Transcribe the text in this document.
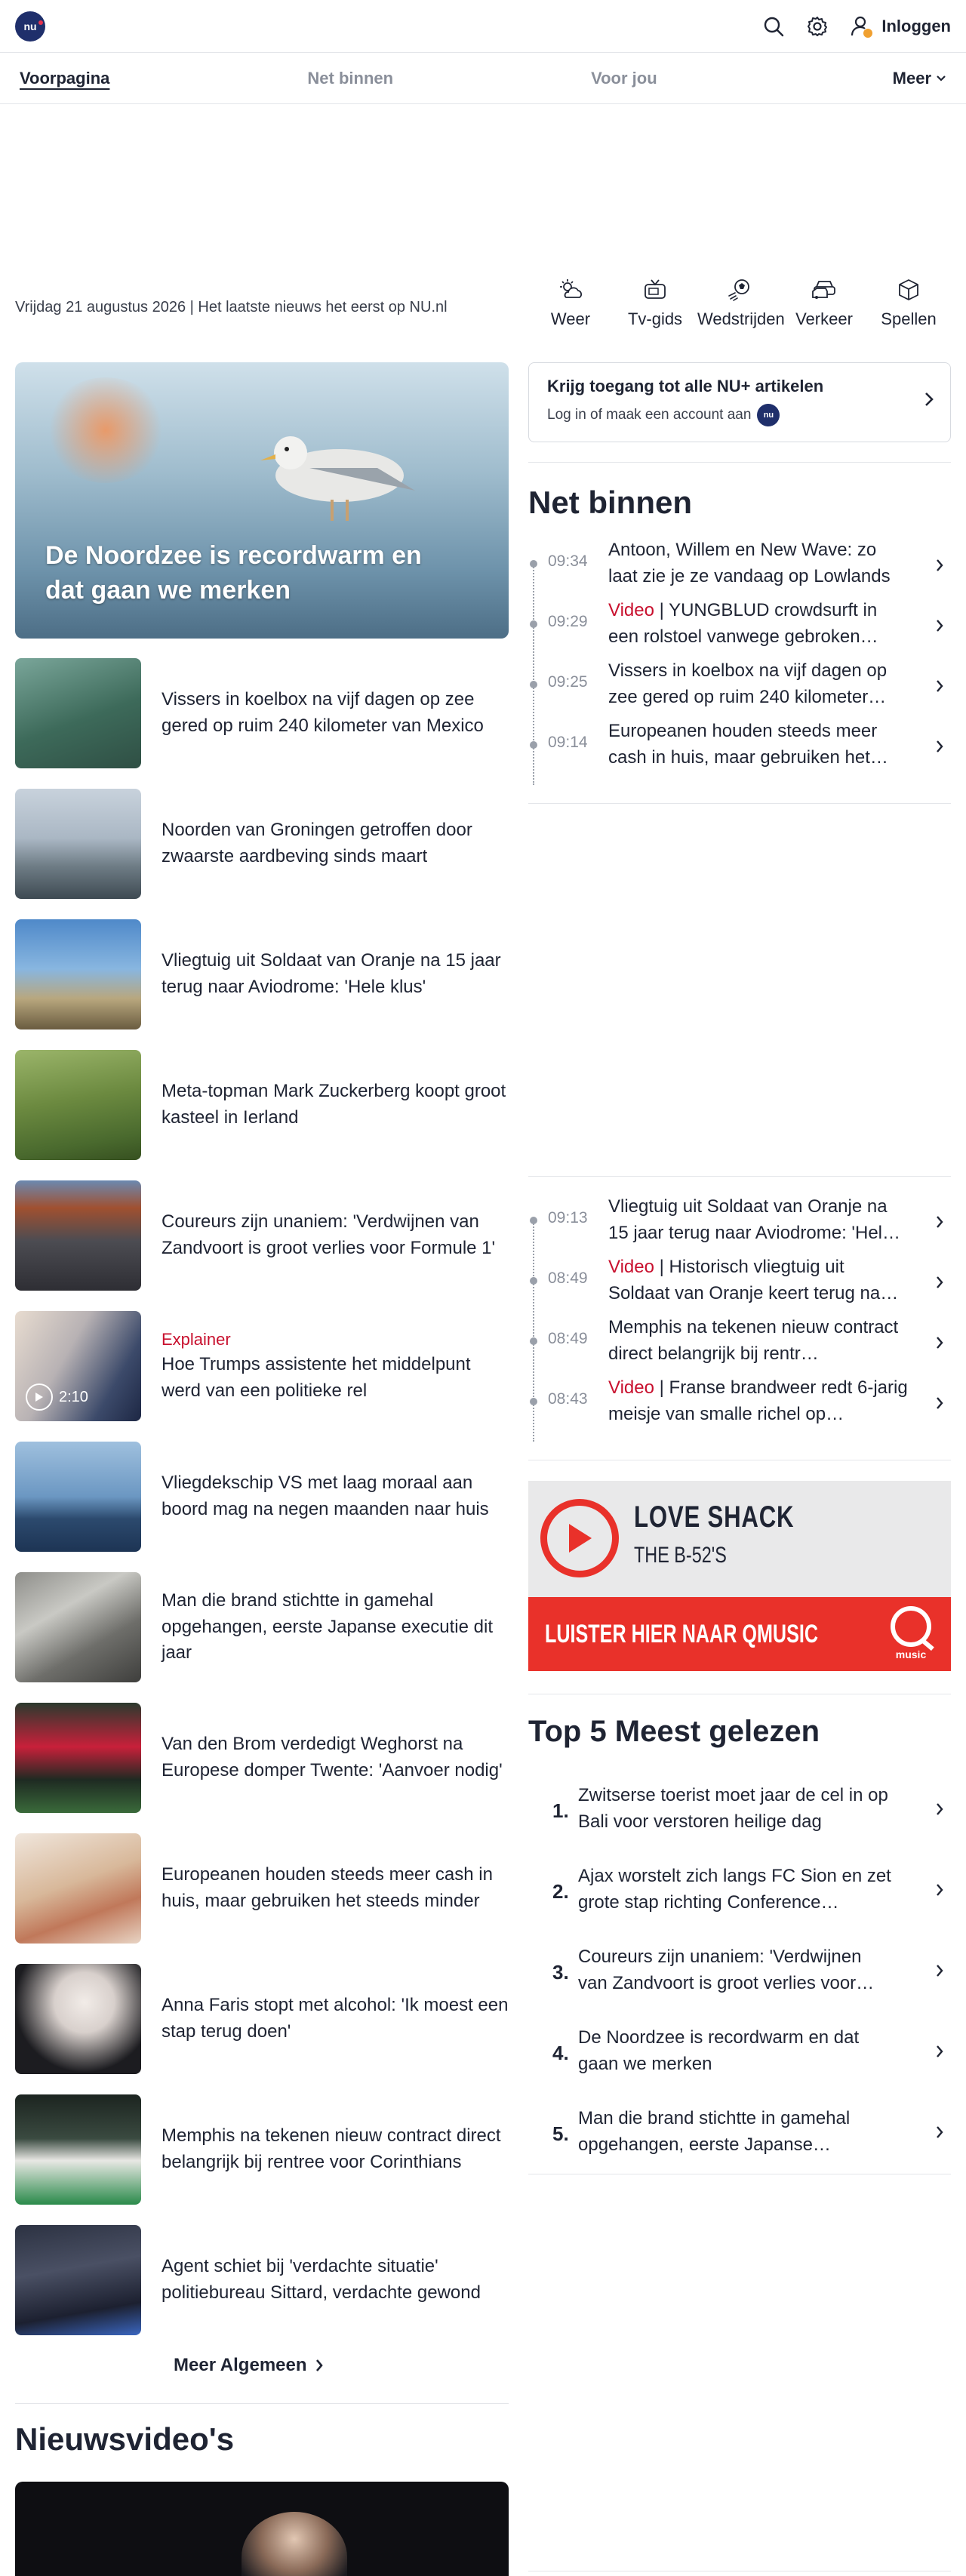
nu	Inloggen
Voorpagina	Net binnen	Voor jou	Meer
Vrijdag 21 augustus 2026 | Het laatste nieuws het eerst op NU.nl
Weer	Tv-gids Wedstrijden Verkeer	Spellen
De Noordzee is recordwarm en dat gaan we merken
Vissers in koelbox na vijf dagen op zee gered op ruim 240 kilometer van Mexico
Noorden van Groningen getroffen door zwaarste aardbeving sinds maart
Vliegtuig uit Soldaat van Oranje na 15 jaar terug naar Aviodrome: 'Hele klus'
Meta-topman Mark Zuckerberg koopt groot kasteel in Ierland
Coureurs zijn unaniem: 'Verdwijnen van Zandvoort is groot verlies voor Formule 1'
2:10
Explainer
Hoe Trumps assistente het middelpunt werd van een politieke rel
Vliegdekschip VS met laag moraal aan boord mag na negen maanden naar huis
Man die brand stichtte in gamehal opgehangen, eerste Japanse executie dit jaar
Van den Brom verdedigt Weghorst na Europese domper Twente: 'Aanvoer nodig'
Europeanen houden steeds meer cash in huis, maar gebruiken het steeds minder
Anna Faris stopt met alcohol: 'Ik moest een stap terug doen'
Memphis na tekenen nieuw contract direct belangrijk bij rentree voor Corinthians
Agent schiet bij 'verdachte situatie' politiebureau Sittard, verdachte gewond
Meer Algemeen
Nieuwsvideo's
Krijg toegang tot alle NU+ artikelen
Log in of maak een account aan	nu
Net binnen
09:34
Antoon, Willem en New Wave: zo laat zie je ze vandaag op Lowlands
09:29
Video | YUNGBLUD crowdsurft in een rolstoel vanwege gebroken…
09:25
Vissers in koelbox na vijf dagen op zee gered op ruim 240 kilometer…
09:14
Europeanen houden steeds meer cash in huis, maar gebruiken het…
09:13
Vliegtuig uit Soldaat van Oranje na 15 jaar terug naar Aviodrome: 'Hel…
08:49
Video | Historisch vliegtuig uit Soldaat van Oranje keert terug na…
08:49
Memphis na tekenen nieuw contract direct belangrijk bij rentr…
08:43
Video | Franse brandweer redt 6-jarig meisje van smalle richel op…
LOVE SHACK
THE B-52'S
LUISTER HIER NAAR QMUSIC
music
Top 5 Meest gelezen
1.
Zwitserse toerist moet jaar de cel in op Bali voor verstoren heilige dag
2.
Ajax worstelt zich langs FC Sion en zet grote stap richting Conference…
3.
Coureurs zijn unaniem: 'Verdwijnen van Zandvoort is groot verlies voor…
4.
De Noordzee is recordwarm en dat gaan we merken
5.
Man die brand stichtte in gamehal opgehangen, eerste Japanse…
